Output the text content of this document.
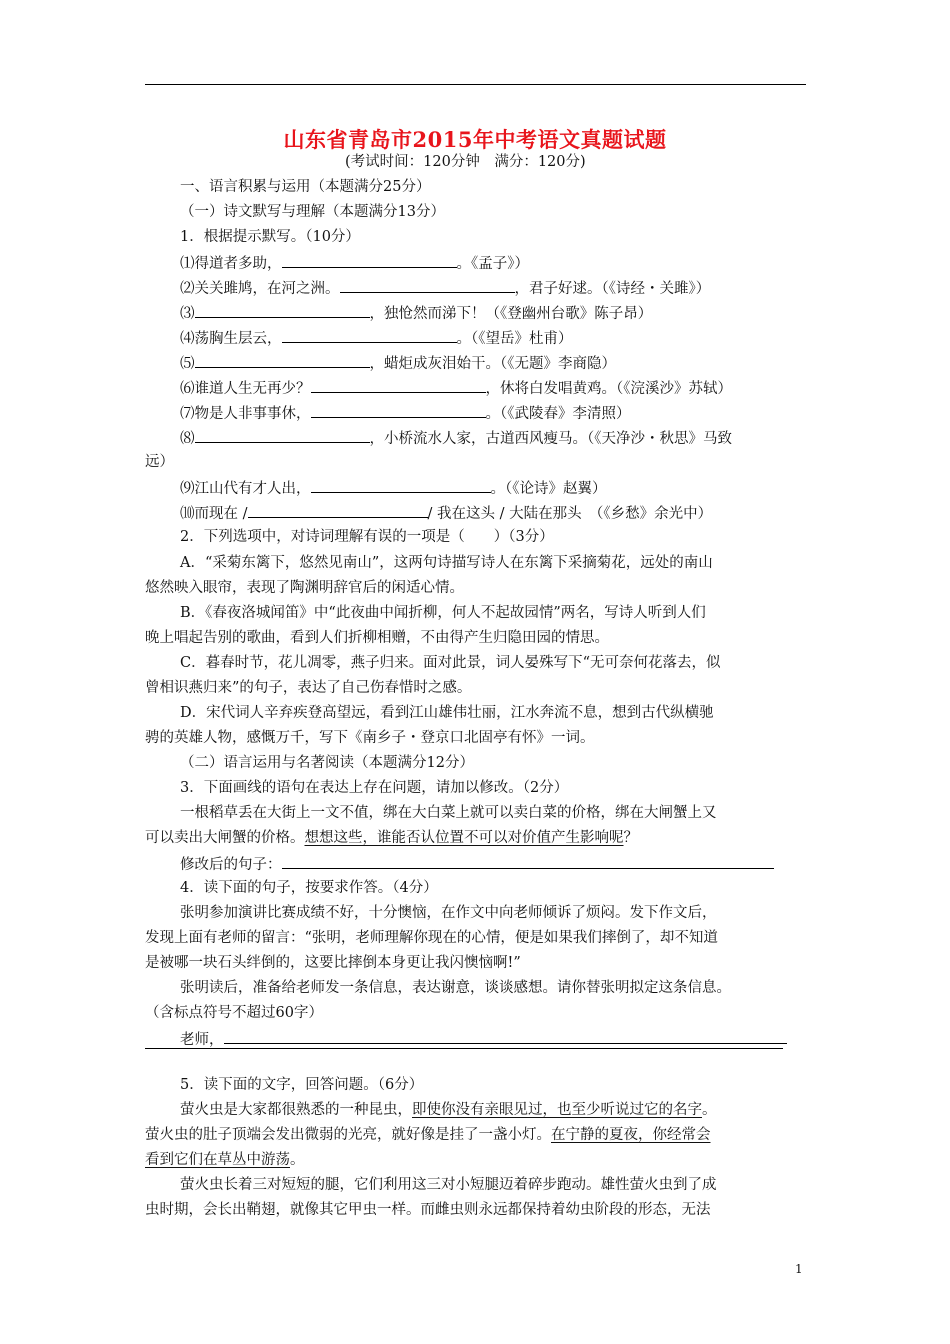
山东省青岛市2015年中考语文真题试题
(考试时间：120分钟　满分：120分)
一、语言积累与运用（本题满分25分）
（一）诗文默写与理解（本题满分13分）
1．根据提示默写。（10分）
⑴得道者多助，	。《孟子》）
⑵关关雎鸠，在河之洲。	，君子好逑。（《诗经・关雎》）
⑶	，独怆然而涕下！（《登幽州台歌》陈子昂）
⑷荡胸生层云，	。（《望岳》杜甫）
⑸	，蜡炬成灰泪始干。（《无题》李商隐）
⑹谁道人生无再少？	，休将白发唱黄鸡。（《浣溪沙》苏轼）
⑺物是人非事事休，	。（《武陵春》李清照）
⑻	，小桥流水人家，古道西风瘦马。（《天净沙・秋思》马致
远）
⑼江山代有才人出，	。（《论诗》赵翼）
⑽而现在 /	/ 我在这头 / 大陆在那头　（《乡愁》余光中）
2．下列选项中，对诗词理解有误的一项是（　　）（3分）
A．“采菊东篱下，悠然见南山”，这两句诗描写诗人在东篱下采摘菊花，远处的南山
悠然映入眼帘，表现了陶渊明辞官后的闲适心情。
B．《春夜洛城闻笛》中“此夜曲中闻折柳，何人不起故园情”两名，写诗人听到人们
晚上唱起告别的歌曲，看到人们折柳相赠，不由得产生归隐田园的情思。
C．暮春时节，花儿凋零，燕子归来。面对此景，词人晏殊写下“无可奈何花落去，似
曾相识燕归来”的句子，表达了自己伤春惜时之感。
D．宋代词人辛弃疾登高望远，看到江山雄伟壮丽，江水奔流不息，想到古代纵横驰
骋的英雄人物，感慨万千，写下《南乡子・登京口北固亭有怀》一词。
（二）语言运用与名著阅读（本题满分12分）
3．下面画线的语句在表达上存在问题，请加以修改。（2分）
一根稻草丢在大街上一文不值，绑在大白菜上就可以卖白菜的价格，绑在大闸蟹上又
可以卖出大闸蟹的价格。想想这些，谁能否认位置不可以对价值产生影响呢？
修改后的句子：
4．读下面的句子，按要求作答。（4分）
张明参加演讲比赛成绩不好，十分懊恼，在作文中向老师倾诉了烦闷。发下作文后，
发现上面有老师的留言：“张明，老师理解你现在的心情，便是如果我们摔倒了，却不知道
是被哪一块石头绊倒的，这要比摔倒本身更让我闪懊恼啊!”
张明读后，准备给老师发一条信息，表达谢意，谈谈感想。请你替张明拟定这条信息。
（含标点符号不超过60字）
老师，
5．读下面的文字，回答问题。（6分）
萤火虫是大家都很熟悉的一种昆虫，即使你没有亲眼见过，也至少听说过它的名字。
萤火虫的肚子顶端会发出微弱的光亮，就好像是挂了一盏小灯。在宁静的夏夜，你经常会
看到它们在草丛中游荡。
萤火虫长着三对短短的腿，它们利用这三对小短腿迈着碎步跑动。雄性萤火虫到了成
虫时期，会长出鞘翅，就像其它甲虫一样。而雌虫则永远都保持着幼虫阶段的形态，无法
1
